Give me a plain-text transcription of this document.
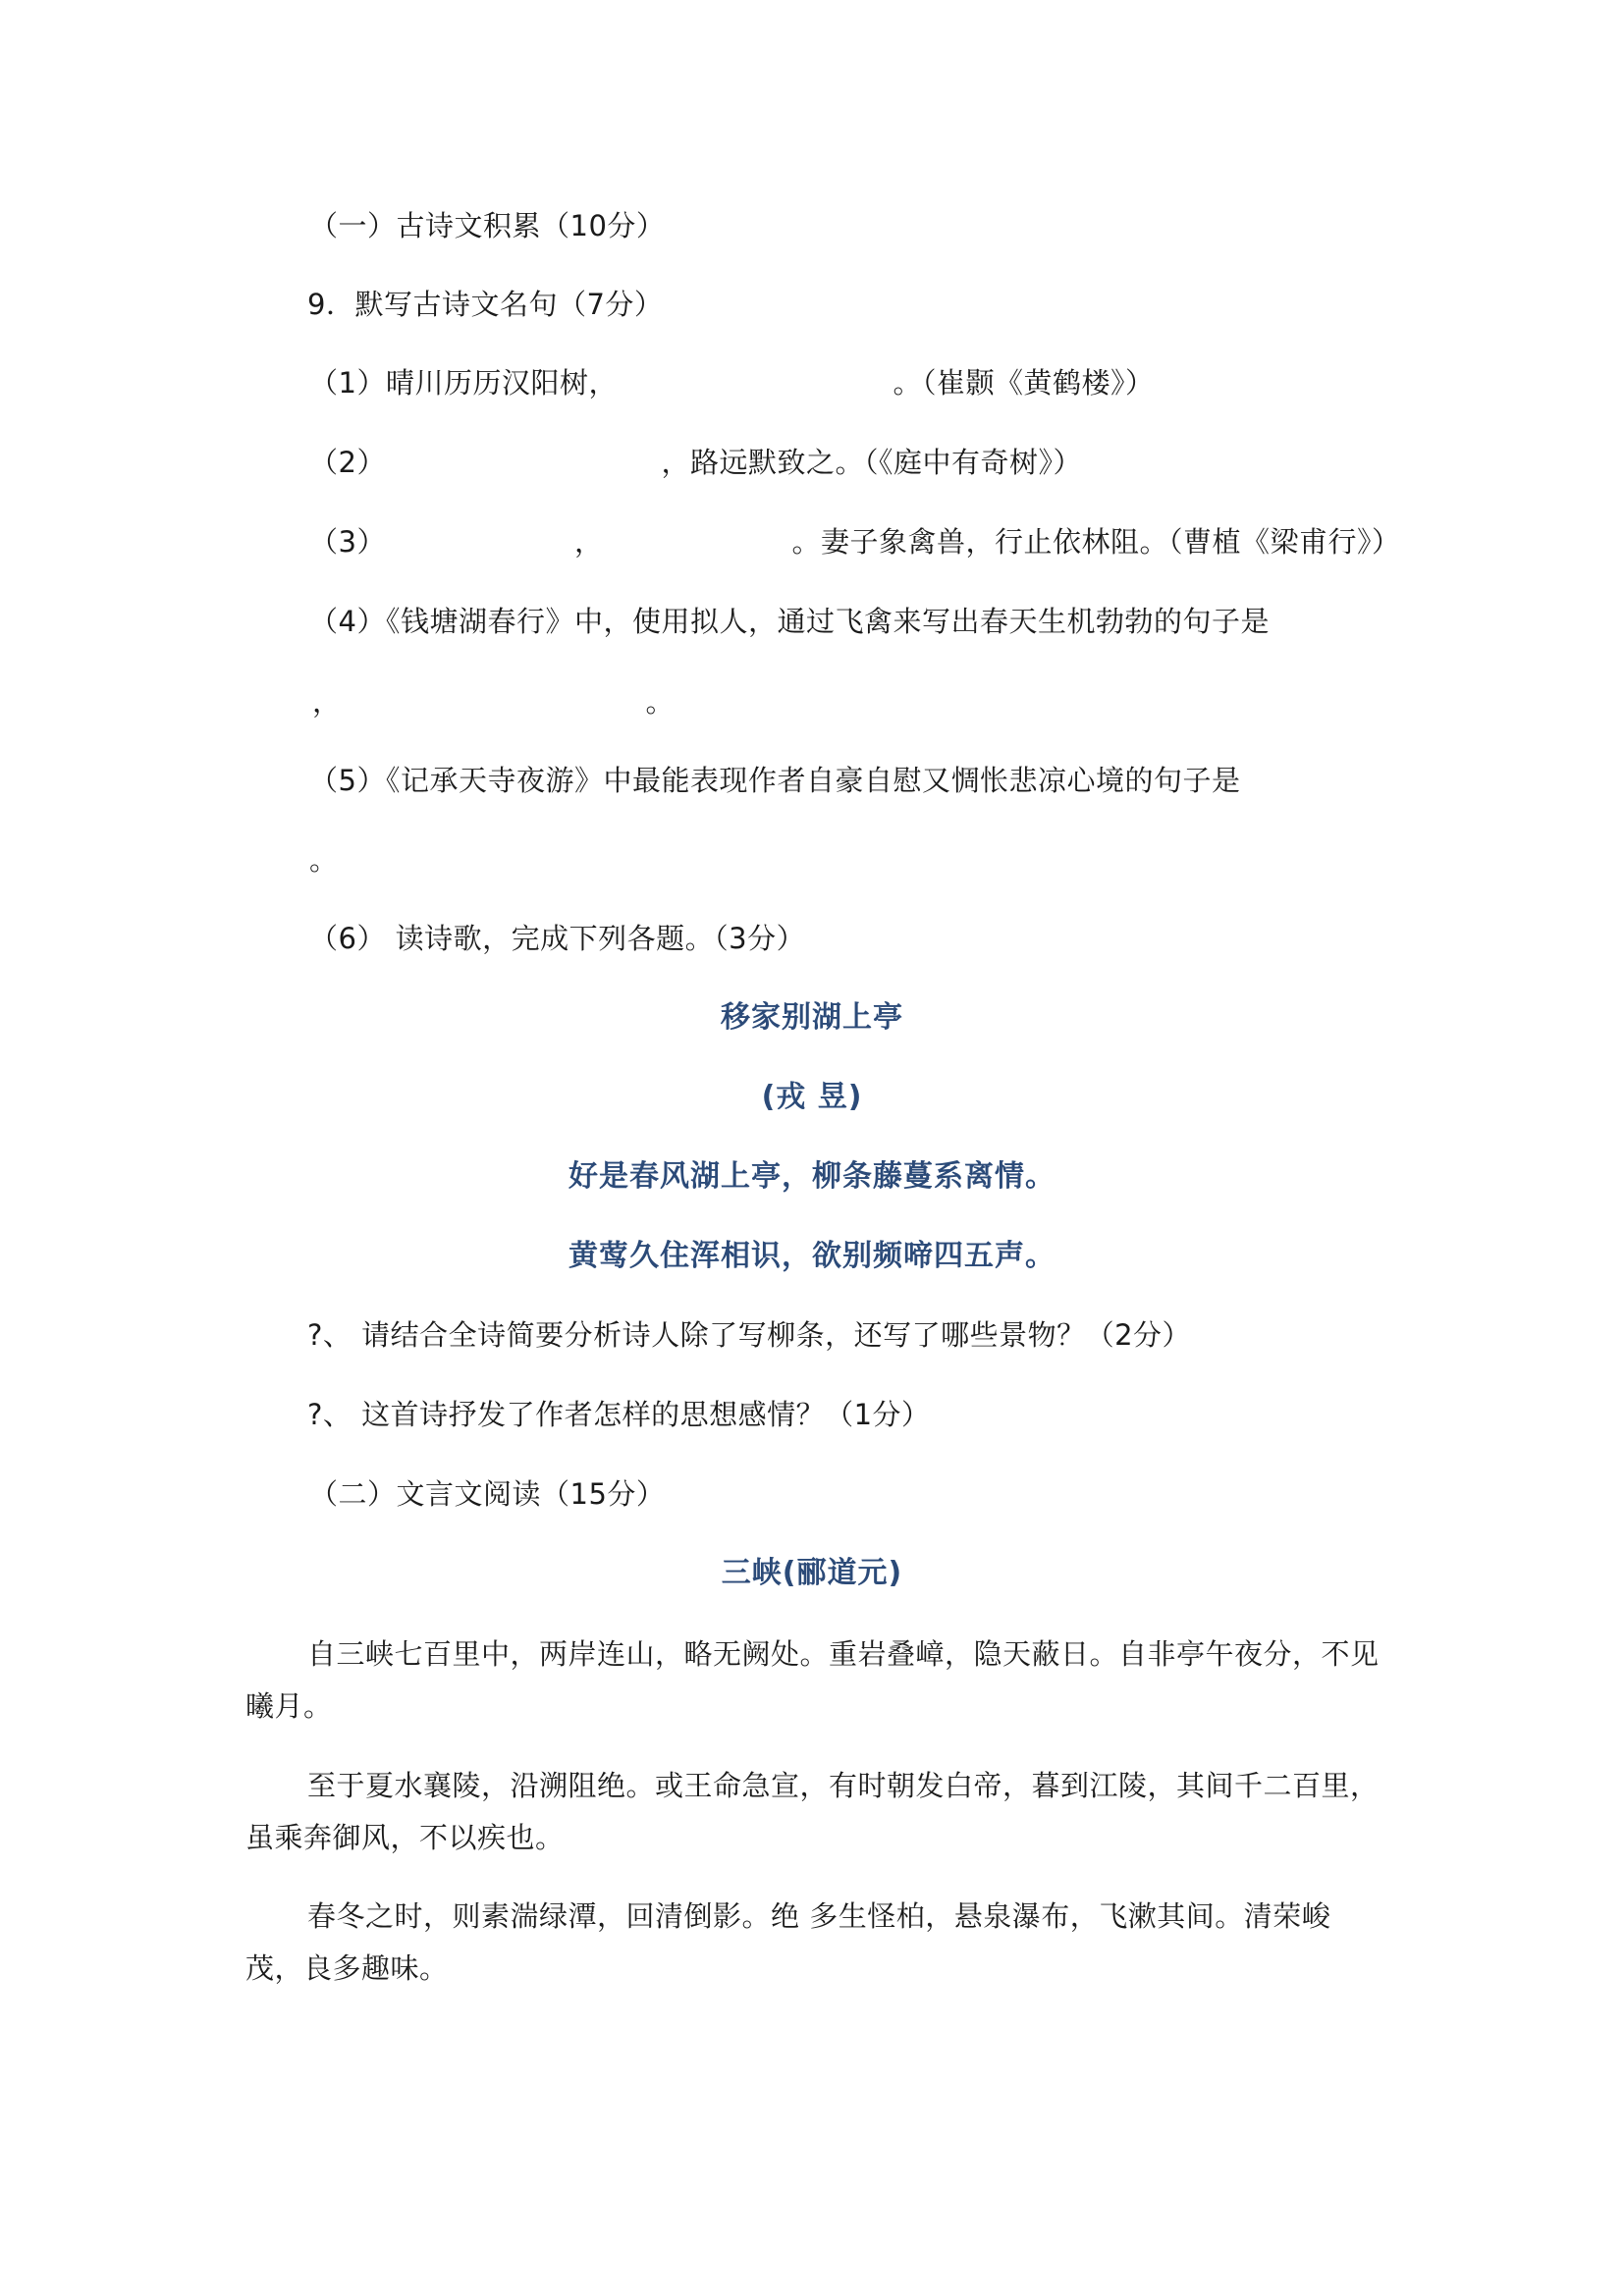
（一）古诗文积累（10分）
9．默写古诗文名句（7分）
（1）晴川历历汉阳树，　　　　　　　　　　。（崔颢《黄鹤楼》）
（2）　　　　　　　　　　，路远默致之。（《庭中有奇树》）
（3）　　　　　　　，　　　　　　　。妻子象禽兽，行止依林阻。（曹植《梁甫行》）
（4）《钱塘湖春行》中，使用拟人，通过飞禽来写出春天生机勃勃的句子是
，　　　　　　　　　　　。
（5）《记承天寺夜游》中最能表现作者自豪自慰又惆怅悲凉心境的句子是
。
（6） 读诗歌，完成下列各题。（3分）
移家别湖上亭
(戎 昱)
好是春风湖上亭，柳条藤蔓系离情。
黄莺久住浑相识，欲别频啼四五声。
?、 请结合全诗简要分析诗人除了写柳条，还写了哪些景物？（2分）
?、 这首诗抒发了作者怎样的思想感情？（1分）
（二）文言文阅读（15分）
三峡(郦道元)
自三峡七百里中，两岸连山，略无阙处。重岩叠嶂，隐天蔽日。自非亭午夜分，不见曦月。
至于夏水襄陵，沿溯阻绝。或王命急宣，有时朝发白帝，暮到江陵，其间千二百里，虽乘奔御风，不以疾也。
春冬之时，则素湍绿潭，回清倒影。绝 多生怪柏，悬泉瀑布，飞漱其间。清荣峻茂，良多趣味。
